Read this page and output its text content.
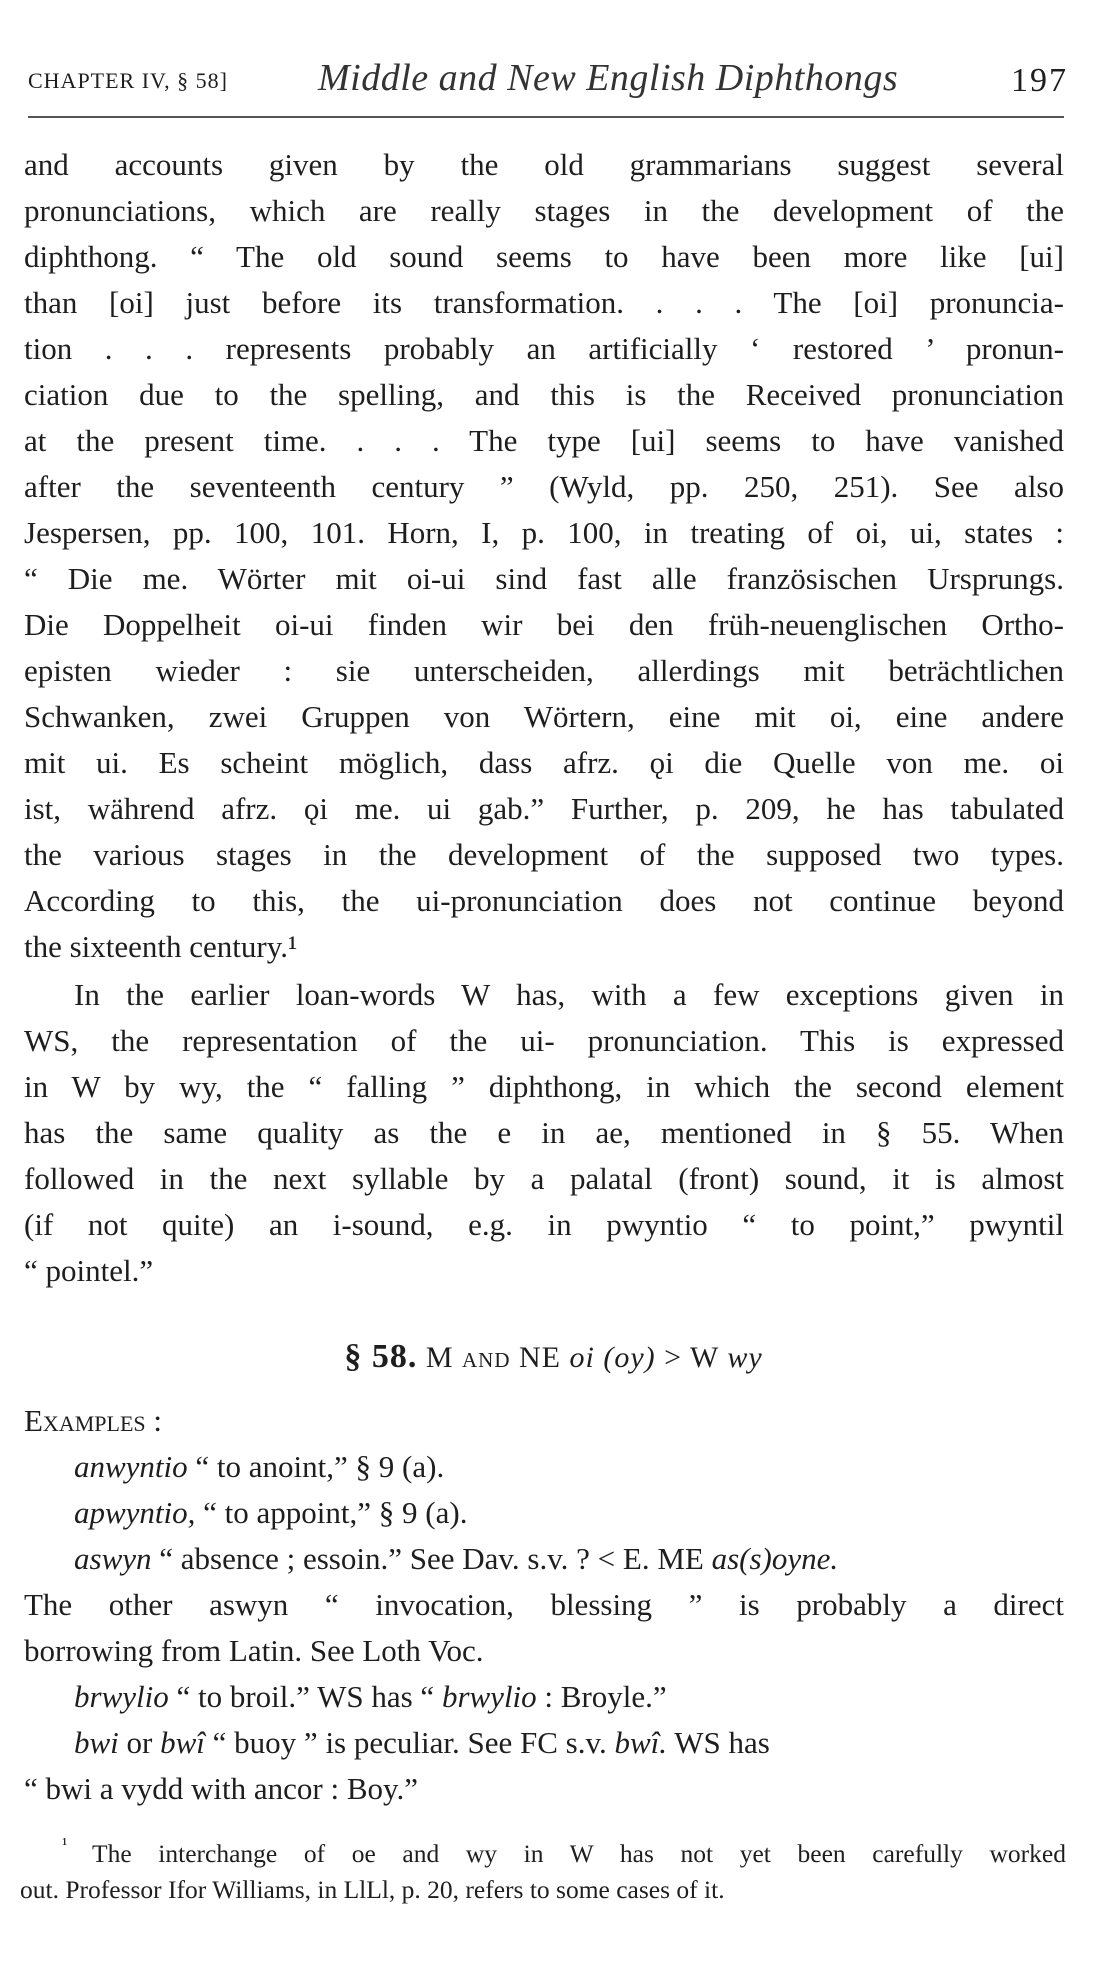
CHAPTER IV, § 58] Middle and New English Diphthongs	197
and accounts given by the old grammarians suggest several
pronunciations, which are really stages in the development of the
diphthong. “ The old sound seems to have been more like [ui]
than [oi] just before its transformation. . . . The [oi] pronuncia-
tion . . . represents probably an artificially ‘ restored ’ pronun-
ciation due to the spelling, and this is the Received pronunciation
at the present time. . . . The type [ui] seems to have vanished
after the seventeenth century ” (Wyld, pp. 250, 251). See also
Jespersen, pp. 100, 101. Horn, I, p. 100, in treating of oi, ui, states :
“ Die me. Wörter mit oi-ui sind fast alle französischen Ursprungs.
Die Doppelheit oi-ui finden wir bei den früh-neuenglischen Ortho-
episten wieder : sie unterscheiden, allerdings mit beträchtlichen
Schwanken, zwei Gruppen von Wörtern, eine mit oi, eine andere
mit ui. Es scheint möglich, dass afrz. ǫi die Quelle von me. oi
ist, während afrz. ǫi me. ui gab.” Further, p. 209, he has tabulated
the various stages in the development of the supposed two types.
According to this, the ui-pronunciation does not continue beyond
the sixteenth century.¹
In the earlier loan-words W has, with a few exceptions given in
WS, the representation of the ui- pronunciation. This is expressed
in W by wy, the “ falling ” diphthong, in which the second element
has the same quality as the e in ae, mentioned in § 55. When
followed in the next syllable by a palatal (front) sound, it is almost
(if not quite) an i-sound, e.g. in pwyntio “ to point,” pwyntil
“ pointel.”
§ 58. M and NE oi (oy) > W wy
Examples :
anwyntio “ to anoint,” § 9 (a).
apwyntio, “ to appoint,” § 9 (a).
aswyn “ absence ; essoin.” See Dav. s.v. ? < E. ME as(s)oyne.
The other aswyn “ invocation, blessing ” is probably a direct
borrowing from Latin. See Loth Voc.
brwylio “ to broil.” WS has “ brwylio : Broyle.”
bwi or bwî “ buoy ” is peculiar. See FC s.v. bwî. WS has
“ bwi a vydd with ancor : Boy.”
The interchange of oe and wy in W has not yet been carefully worked
¹
out. Professor Ifor Williams, in LlLl, p. 20, refers to some cases of it.
